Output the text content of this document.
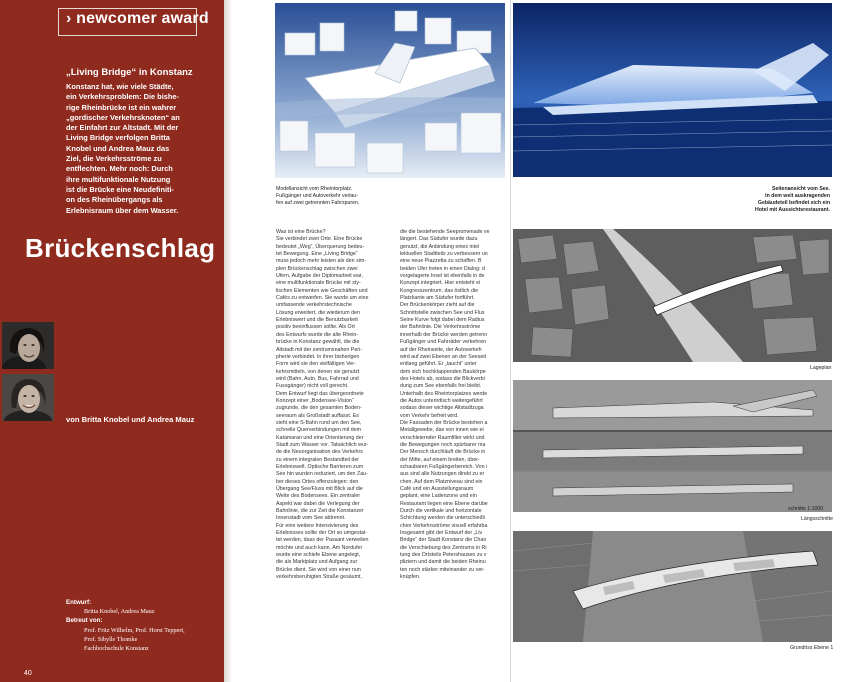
› newcomer award
„Living Bridge“ in Konstanz
Konstanz hat, wie viele Städte,
ein Verkehrsproblem: Die bishe-
rige Rheinbrücke ist ein wahrer
„gordischer Verkehrsknoten“ an
der Einfahrt zur Altstadt. Mit der
Living Bridge verfolgen Britta
Knobel und Andrea Mauz das
Ziel, die Verkehrsströme zu
entflechten. Mehr noch: Durch
ihre multifunktionale Nutzung
ist die Brücke eine Neudefiniti-
on des Rheinübergangs als
Erlebnisraum über dem Wasser.
Brückenschlag
von Britta Knobel und Andrea Mauz
Entwurf:
Britta Knobel, Andrea Mauz
Betreut von:
Prof. Fritz Wilhelm, Prof. Horst Teppert,
Prof. Sibylle Thomke
Fachhochschule Konstanz
40
Modellansicht vom Rheintorplatz.
Fußgänger und Autoverkehr verlau-
fen auf zwei getrennten Fahrspuren.
Seitenansicht vom See.
In dem weit auskragenden
Gebäudeteil befindet sich ein
Hotel mit Aussichtsrestaurant.
Lageplan
schnitte 1:1000
Längsschnitte
Grundriss Ebene 1
Was ist eine Brücke?
Sie verbindet zwei Orte. Eine Brücke
bedeutet „Weg“, Überquerung bedeu-
tet Bewegung. Eine „Living Bridge“
muss jedoch mehr leisten als den sim-
plen Brückenschlag zwischen zwei
Ufern. Aufgabe der Diplomarbeit war,
eine multifunktionale Brücke mit sty-
lischen Elementen wie Geschäften und
Cafés zu entwerfen. Sie wurde um eine
umfassende verkehrstechnische
Lösung erweitert, die wiederum den
Erlebniswert und die Benutzbarkeit
positiv beeinflussen sollte. Als Ort
des Entwurfs wurde die alte Rhein-
brücke in Konstanz gewählt, die die
Altstadt mit der zentrumsnahen Peri-
pherie verbindet. In ihrer bisherigen
Form wird sie den vielfältigen Ver-
kehrsmitteln, von denen sie genutzt
wird (Bahn, Auto, Bus, Fahrrad und
Fussgänger) nicht voll gerecht.
Dem Entwurf liegt das übergeordnete
Konzept einer „Bodensee-Vision“
zugrunde, die den gesamten Boden-
seeraum als Großstadt auffasst. Es
sieht eine S-Bahn rund um den See,
schnelle Querverbindungen mit dem
Katamaran und eine Orientierung der
Stadt zum Wasser vor. Tatsächlich wur-
de die Neuorganisation des Verkehrs
zu einem integralen Bestandteil der
Erlebniswelt. Optische Barrieren zum
See hin wurden reduziert, um den Zau-
ber dieses Ortes offenzulegen: den
Übergang See/Fluss mit Blick auf die
Weite des Bodensees. Ein zentraler
Aspekt war dabei die Verlegung der
Bahnlinie, die zur Zeit die Konstanzer
Innenstadt vom See abtrennt.
Für eine weitere Intensivierung des
Erlebnisses sollte der Ort so umgestal-
tet werden, dass der Passant verweilen
möchte und auch kann. Am Nordufer
wurde eine schiefe Ebene angelegt,
die als Marktplatz und Aufgang zur
Brücke dient. Sie wird von einer nun
verkehrsberuhigten Straße gesäumt,
die die bestehende Seepromenade ve
längert. Das Südufer wurde dazu
genutzt, die Anbindung eines intel
lektuellen Stadtteils zu verbessern un
eine neue Piazzetta zu schaffen. B
beiden Ufer treten in einen Dialog: d
vorgelagerte Insel ist ebenfalls in de
Konzept integriert. Hier entsteht ei
Kongresszentrum, das östlich die
Platzkante am Südufer fortführt.
Der Brückenkörper zieht auf die
Schnittstelle zwischen See und Flus
Seine Kurve folgt dabei dem Radius
der Bahnlinie. Die Verkehrsströme
innerhalb der Brücke werden getrenn
Fußgänger und Fahrräder verkehren
auf der Rheinseite, der Autoverkeh
wird auf zwei Ebenen an der Seeseit
entlang geführt. Er „taucht“ unter
dem sich hochklappenden Baukörpe
des Hotels ab, sodass die Blickverbi
dung zum See ebenfalls frei bleibt.
Unterhalb des Rheintorplatzes werde
die Autos unterirdisch weitergeführt
sodass dieser wichtige Altstadtzuga
vom Verkehr befreit wird.
Die Fassaden der Brücke bestehen a
Metallgewebe, das von innen wie ei
verschleiernder Raumfilter wirkt und
die Bewegungen noch spürbarer ma
Der Mensch durchläuft die Brücke in
der Mitte, auf einem breiten, über-
schaubaren Fußgängerbereich. Von i
aus sind alle Nutzungen direkt zu er
chen. Auf dem Platzniveau sind ein
Café und ein Ausstellungsraum
geplant, eine Ladenzone und ein
Restaurant liegen eine Ebene darübe
Durch die vertikale und horizontale
Schichtung werden die unterschiedli
chen Verkehrsströme visuell erfahrba
Insgesamt gibt der Entwurf der „Liv
Bridge“ der Stadt Konstanz die Chan
die Verschiebung des Zentrums in Ri
tung des Ortsteils Petershausen zu v
pliziern und damit die beiden Rheinu
ten noch stärker miteinander zu ver-
knüpfen.
